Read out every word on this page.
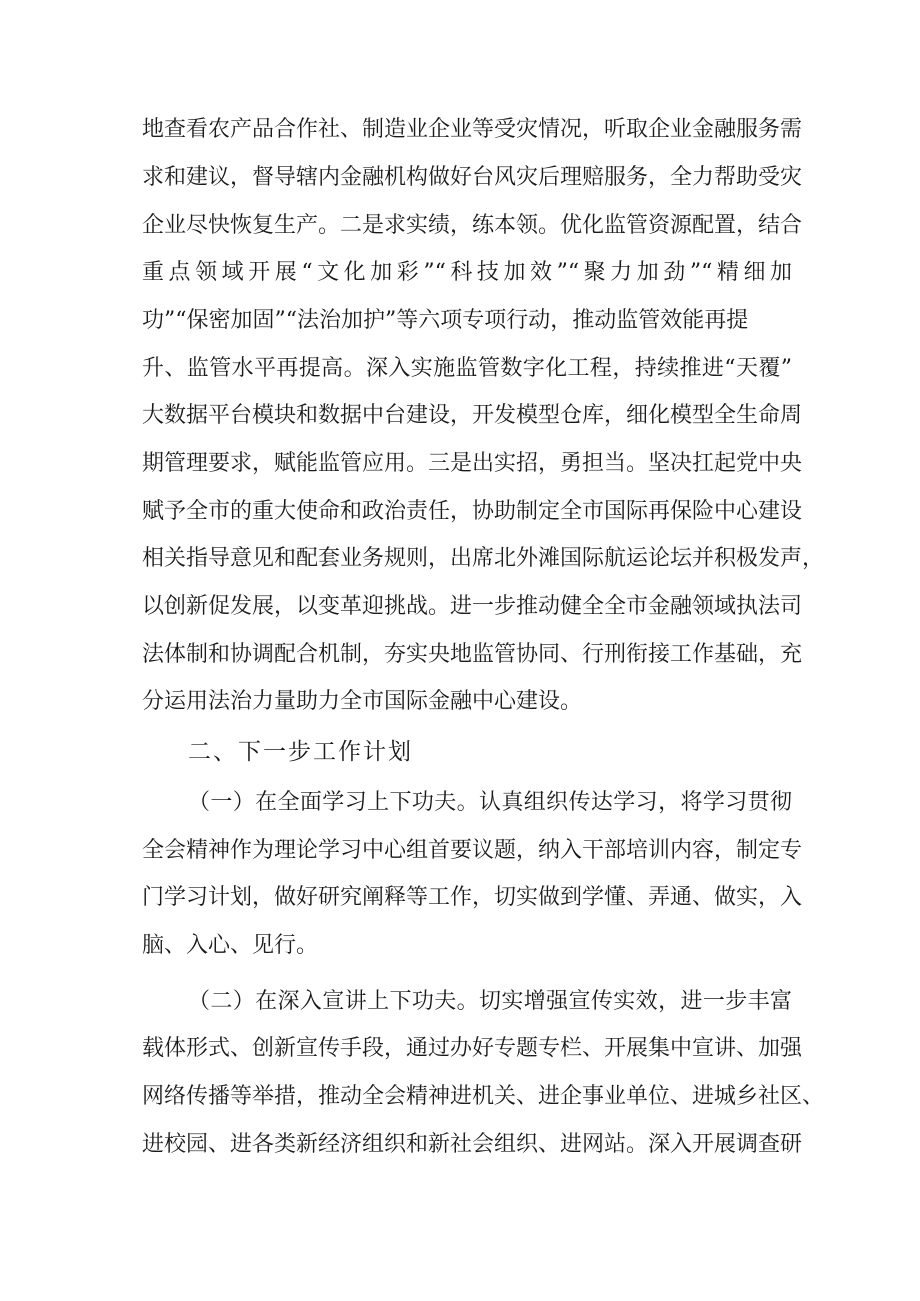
地查看农产品合作社、制造业企业等受灾情况，听取企业金融服务需
求和建议，督导辖内金融机构做好台风灾后理赔服务，全力帮助受灾
企业尽快恢复生产。二是求实绩，练本领。优化监管资源配置，结合
重点领域开展“文化加彩”“科技加效”“聚力加劲”“精细加
功”“保密加固”“法治加护”等六项专项行动，推动监管效能再提
升、监管水平再提高。深入实施监管数字化工程，持续推进“天覆”
大数据平台模块和数据中台建设，开发模型仓库，细化模型全生命周
期管理要求，赋能监管应用。三是出实招，勇担当。坚决扛起党中央
赋予全市的重大使命和政治责任，协助制定全市国际再保险中心建设
相关指导意见和配套业务规则，出席北外滩国际航运论坛并积极发声，
以创新促发展，以变革迎挑战。进一步推动健全全市金融领域执法司
法体制和协调配合机制，夯实央地监管协同、行刑衔接工作基础，充
分运用法治力量助力全市国际金融中心建设。
二、下一步工作计划
（一）在全面学习上下功夫。认真组织传达学习，将学习贯彻
全会精神作为理论学习中心组首要议题，纳入干部培训内容，制定专
门学习计划，做好研究阐释等工作，切实做到学懂、弄通、做实，入
脑、入心、见行。
（二）在深入宣讲上下功夫。切实增强宣传实效，进一步丰富
载体形式、创新宣传手段，通过办好专题专栏、开展集中宣讲、加强
网络传播等举措，推动全会精神进机关、进企事业单位、进城乡社区、
进校园、进各类新经济组织和新社会组织、进网站。深入开展调查研
